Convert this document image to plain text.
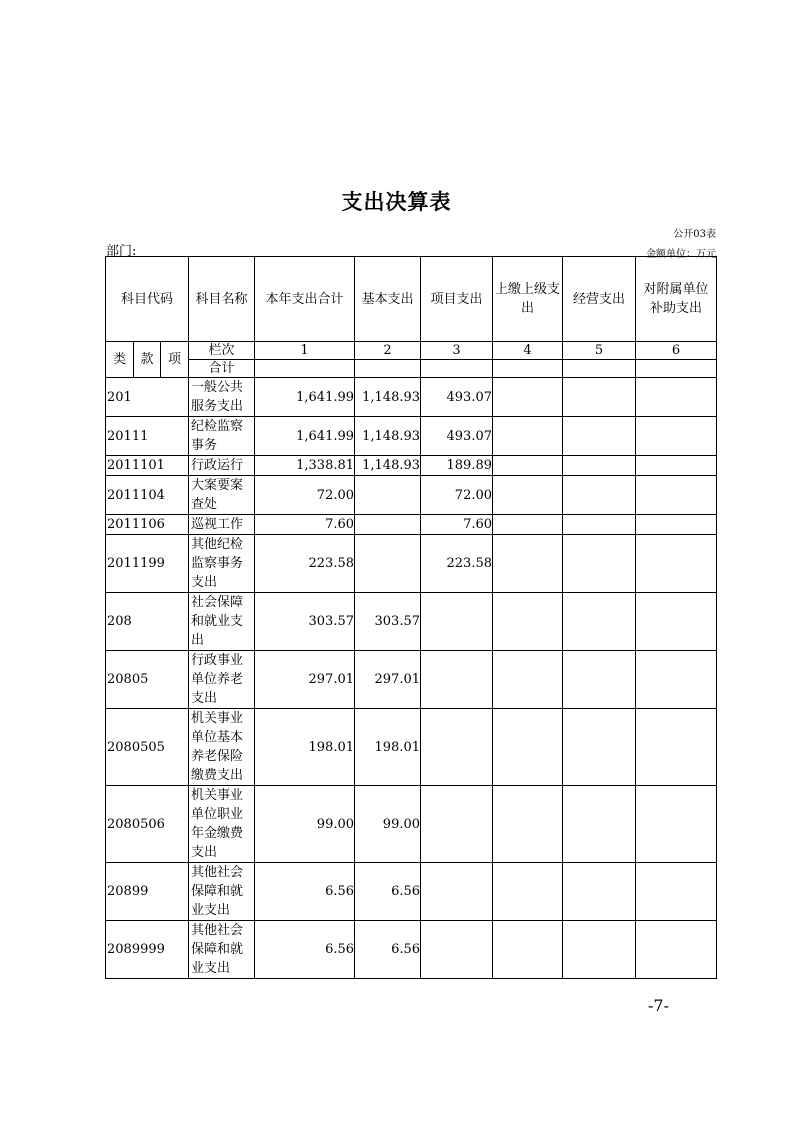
支出决算表
公开03表
部门:	金额单位：万元
科目代码			科目名称	本年支出合计	基本支出	项目支出	上缴上级支出	经营支出	对附属单位补助支出
类	款	项	栏次	1	2	3	4	5	6
			合计						
201			一般公共服务支出	1,641.99	1,148.93	493.07			
20111			纪检监察事务	1,641.99	1,148.93	493.07			
2011101			行政运行	1,338.81	1,148.93	189.89			
2011104			大案要案查处	72.00		72.00			
2011106			巡视工作	7.60		7.60			
2011199			其他纪检监察事务支出	223.58		223.58			
208			社会保障和就业支出	303.57	303.57				
20805			行政事业单位养老支出	297.01	297.01				
2080505			机关事业单位基本养老保险缴费支出	198.01	198.01				
2080506			机关事业单位职业年金缴费支出	99.00	99.00				
20899			其他社会保障和就业支出	6.56	6.56				
2089999			其他社会保障和就业支出	6.56	6.56				
-7-
